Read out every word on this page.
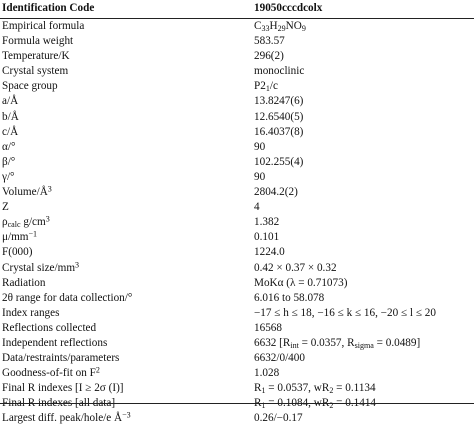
Identification Code	19050cccdcolx
Empirical formula	$C_{33}H_{29}NO_9$
Formula weight	583.57
Temperature/K	296(2)
Crystal system	monoclinic
Space group	$P2_1/c$
a/Å	13.8247(6)
b/Å	12.6540(5)
c/Å	16.4037(8)
α/°	90
β/°	102.255(4)
γ/°	90
Volume/$Å^3$	2804.2(2)
Z	4
$\rho_{calc}$ $g/cm^3$	1.382
$\mu/mm^{-1}$	0.101
F(000)	1224.0
Crystal size/$mm^3$	0.42 × 0.37 × 0.32
Radiation	MoKα (λ = 0.71073)
2θ range for data collection/°	6.016 to 58.078
Index ranges	−17 ≤ h ≤ 18, −16 ≤ k ≤ 16, −20 ≤ l ≤ 20
Reflections collected	16568
Independent reflections	6632 [$R_{int} = 0.0357$, $R_{sigma} = 0.0489$]
Data/restraints/parameters	6632/0/400
Goodness-of-fit on $F^2$	1.028
Final R indexes [I ≥ 2σ (I)]	$R_1 = 0.0537$, $wR_2 = 0.1134$
Final R indexes [all data]	$R_1 = 0.1084$, $wR_2 = 0.1414$
Largest diff. peak/hole/e $Å^{-3}$	0.26/−0.17
